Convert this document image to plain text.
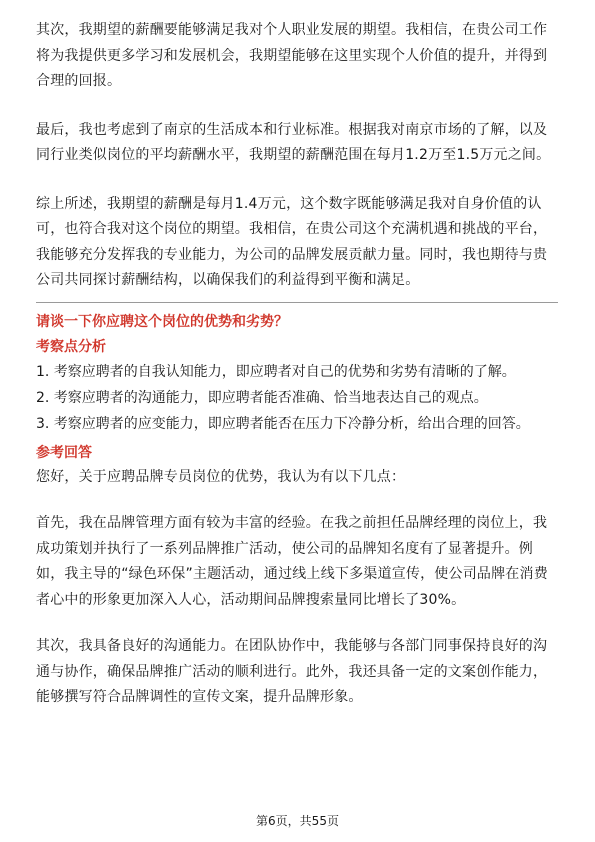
其次，我期望的薪酬要能够满足我对个人职业发展的期望。我相信，在贵公司工作将为我提供更多学习和发展机会，我期望能够在这里实现个人价值的提升，并得到合理的回报。

最后，我也考虑到了南京的生活成本和行业标准。根据我对南京市场的了解，以及同行业类似岗位的平均薪酬水平，我期望的薪酬范围在每月1.2万至1.5万元之间。

综上所述，我期望的薪酬是每月1.4万元，这个数字既能够满足我对自身价值的认可，也符合我对这个岗位的期望。我相信，在贵公司这个充满机遇和挑战的平台，我能够充分发挥我的专业能力，为公司的品牌发展贡献力量。同时，我也期待与贵公司共同探讨薪酬结构，以确保我们的利益得到平衡和满足。

请谈一下你应聘这个岗位的优势和劣势？

考察点分析

1. 考察应聘者的自我认知能力，即应聘者对自己的优势和劣势有清晰的了解。

2. 考察应聘者的沟通能力，即应聘者能否准确、恰当地表达自己的观点。

3. 考察应聘者的应变能力，即应聘者能否在压力下冷静分析，给出合理的回答。

参考回答

您好，关于应聘品牌专员岗位的优势，我认为有以下几点：

首先，我在品牌管理方面有较为丰富的经验。在我之前担任品牌经理的岗位上，我成功策划并执行了一系列品牌推广活动，使公司的品牌知名度有了显著提升。例如，我主导的“绿色环保”主题活动，通过线上线下多渠道宣传，使公司品牌在消费者心中的形象更加深入人心，活动期间品牌搜索量同比增长了30%。

其次，我具备良好的沟通能力。在团队协作中，我能够与各部门同事保持良好的沟通与协作，确保品牌推广活动的顺利进行。此外，我还具备一定的文案创作能力，能够撰写符合品牌调性的宣传文案，提升品牌形象。

第6页，共55页
